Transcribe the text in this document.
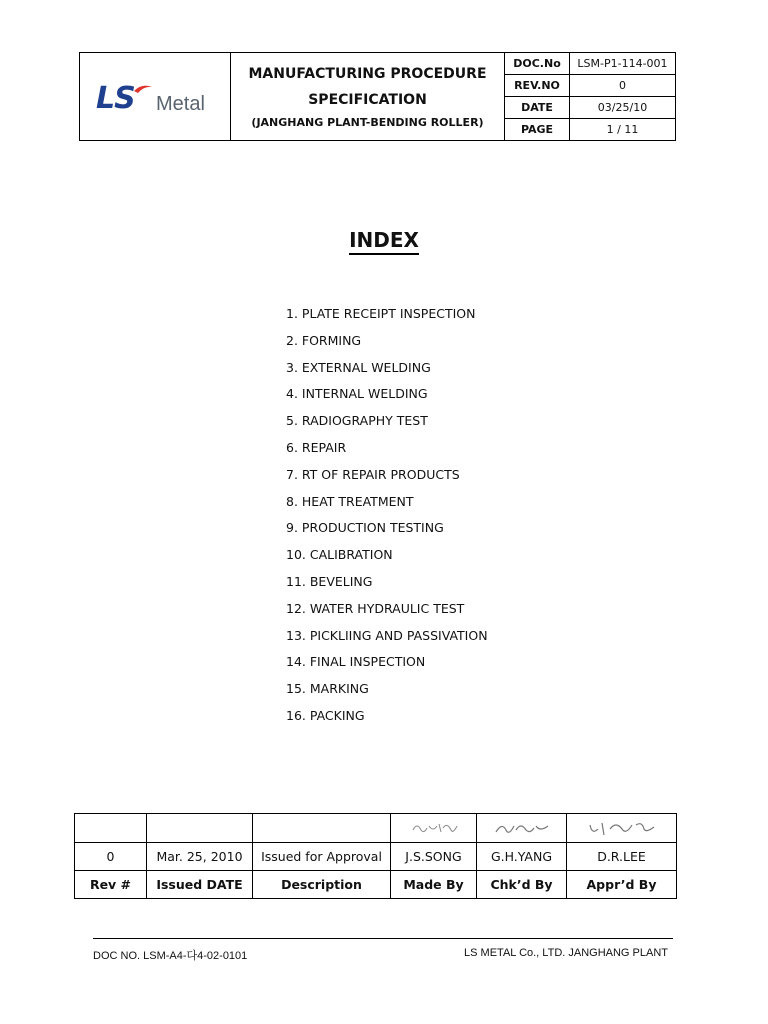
LS Metal
MANUFACTURING PROCEDURE
SPECIFICATION
(JANGHANG PLANT-BENDING ROLLER)
DOC.No	LSM-P1-114-001
REV.NO	0
DATE	03/25/10
PAGE	1 / 11
INDEX
1. PLATE RECEIPT INSPECTION
2. FORMING
3. EXTERNAL WELDING
4. INTERNAL WELDING
5. RADIOGRAPHY TEST
6. REPAIR
7. RT OF REPAIR PRODUCTS
8. HEAT TREATMENT
9. PRODUCTION TESTING
10. CALIBRATION
11. BEVELING
12. WATER HYDRAULIC TEST
13. PICKLIING AND PASSIVATION
14. FINAL INSPECTION
15. MARKING
16. PACKING

0	Mar. 25, 2010	Issued for Approval	J.S.SONG	G.H.YANG	D.R.LEE
Rev #	Issued DATE	Description	Made By	Chk’d By	Appr’d By
DOC NO. LSM-A4-다4-02-0101	LS METAL Co., LTD. JANGHANG PLANT
